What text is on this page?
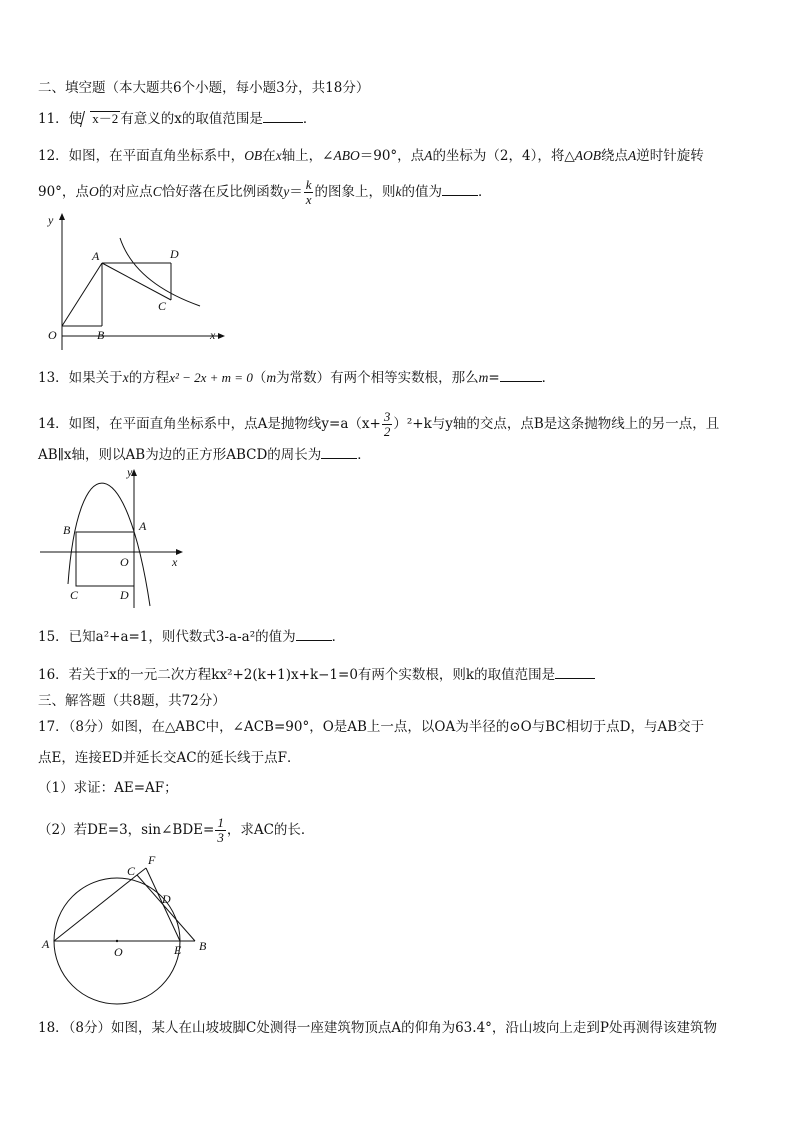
二、填空题（本大题共6个小题，每小题3分，共18分）
11．使 x－2 有意义的x的取值范围是	．
12．如图，在平面直角坐标系中，OB在x轴上，∠ABO＝90°，点A的坐标为（2，4），将△AOB绕点A逆时针旋转
90°，点O的对应点C恰好落在反比例函数$y= \frac{k}{x}$ 的图象上，则k的值为	．
y
A	D
C
O	B	x
13．如果关于x的方程x² − 2x + m = 0（m为常数）有两个相等实数根，那么m=	．
14．如图，在平面直角坐标系中，点A是抛物线$y=a(x+ \frac{3}{2} )^2+k$与y轴的交点，点B是这条抛物线上的另一点，且
AB∥x轴，则以AB为边的正方形ABCD的周长为	．
y
B	A
O	x
C	D
15．已知a²+a=1，则代数式3-a-a²的值为	．
16．若关于x的一元二次方程kx²+2(k+1)x+k−1=0有两个实数根，则k的取值范围是
三、解答题（共8题，共72分）
17．（8分）如图，在△ABC中，∠ACB=90°，O是AB上一点，以OA为半径的⊙O与BC相切于点D，与AB交于
点E，连接ED并延长交AC的延长线于点F．
（1）求证：AE=AF；
（2）若DE=3，sin∠BDE= $\frac{1}{3}$ ，求AC的长．
C
F
D
A
O	E B
18．（8分）如图，某人在山坡坡脚C处测得一座建筑物顶点A的仰角为63.4°，沿山坡向上走到P处再测得该建筑物
